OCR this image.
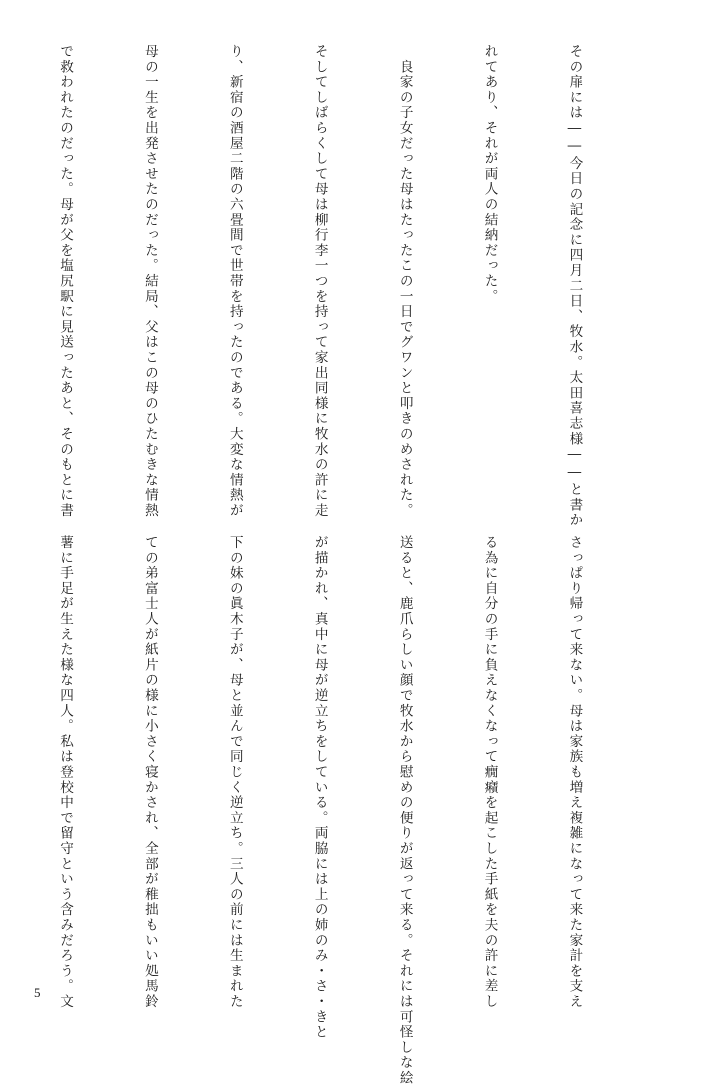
その扉には――今日の記念に四月二日、牧水。太田喜志様――と書か

れてあり、それが両人の結納だった。

　良家の子女だった母はたったこの一日でグワンと叩きのめされた。

そしてしばらくして母は柳行李一つを持って家出同様に牧水の許に走

り、新宿の酒屋二階の六畳間で世帯を持ったのである。大変な情熱が

母の一生を出発させたのだった。結局、父はこの母のひたむきな情熱

で救われたのだった。母が父を塩尻駅に見送ったあと、そのもとに書

さっぱり帰って来ない。母は家族も増え複雑になって来た家計を支え

る為に自分の手に負えなくなって癇癪を起こした手紙を夫の許に差し

送ると、鹿爪らしい顔で牧水から慰めの便りが返って来る。それには可怪しな絵

が描かれ、真中に母が逆立ちをしている。両脇には上の姉のみ・さ・きと

下の妹の眞木子が、母と並んで同じく逆立ち。三人の前には生まれた

ての弟富士人が紙片の様に小さく寝かされ、全部が稚拙もいい処馬鈴

薯に手足が生えた様な四人。私は登校中で留守という含みだろう。文

5
